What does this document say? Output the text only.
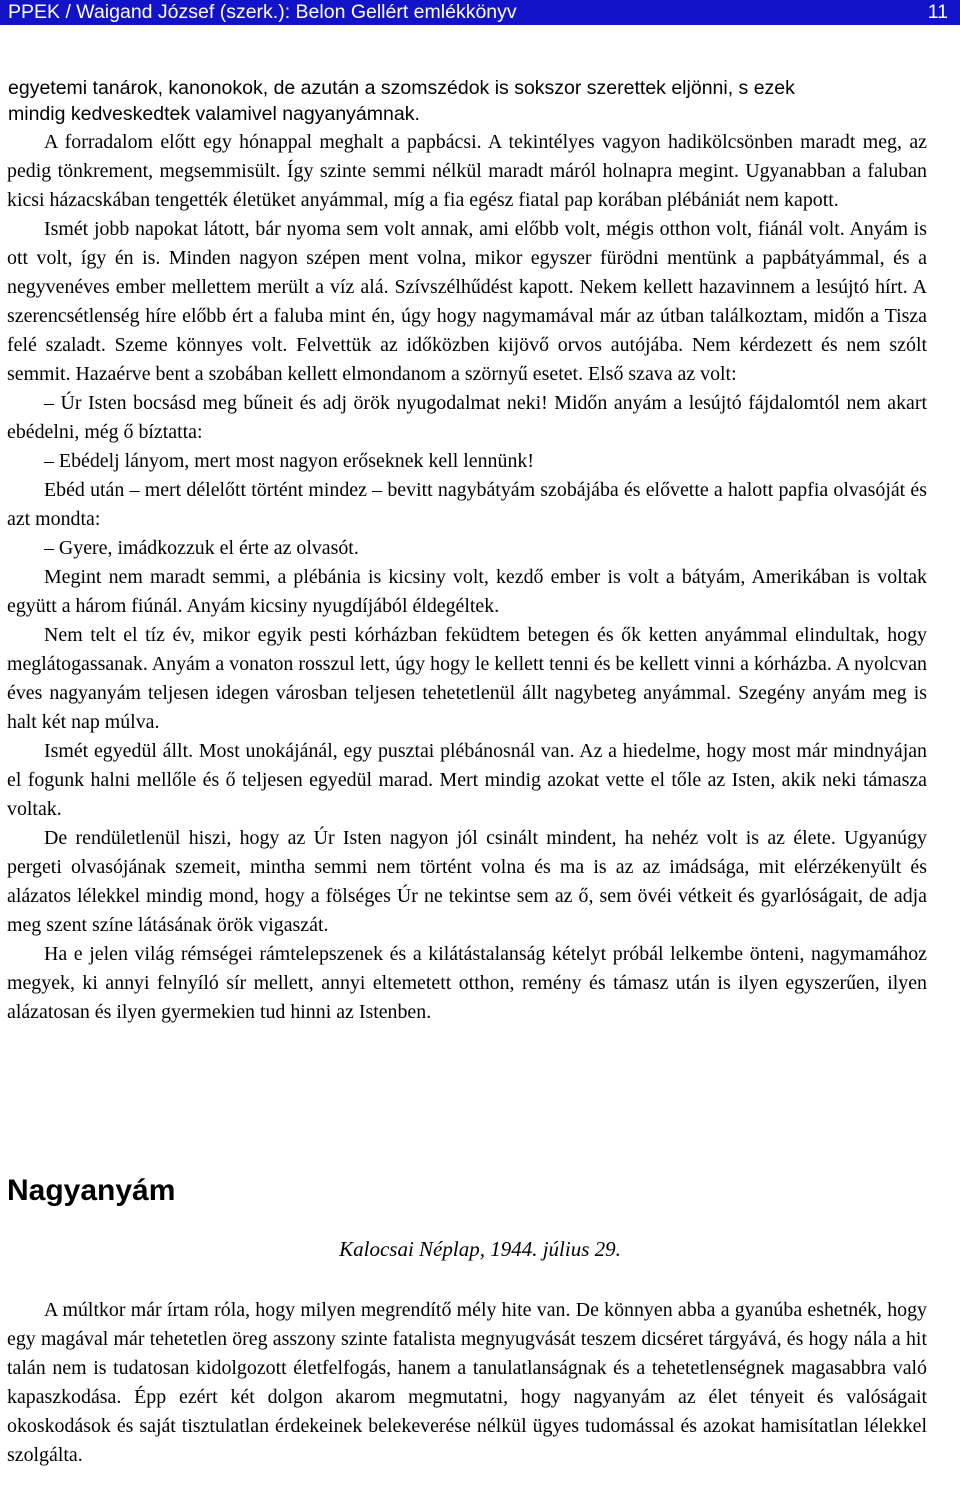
PPEK / Waigand József (szerk.): Belon Gellért emlékkönyv	11
egyetemi tanárok, kanonokok, de azután a szomszédok is sokszor szerettek eljönni, s ezek
mindig kedveskedtek valamivel nagyanyámnak.

A forradalom előtt egy hónappal meghalt a papbácsi. A tekintélyes vagyon hadikölcsönben maradt meg, az pedig tönkrement, megsemmisült. Így szinte semmi nélkül maradt máról holnapra megint. Ugyanabban a faluban kicsi házacskában tengették életüket anyámmal, míg a fia egész fiatal pap korában plébániát nem kapott.

Ismét jobb napokat látott, bár nyoma sem volt annak, ami előbb volt, mégis otthon volt, fiánál volt. Anyám is ott volt, így én is. Minden nagyon szépen ment volna, mikor egyszer fürödni mentünk a papbátyámmal, és a negyvenéves ember mellettem merült a víz alá. Szívszélhűdést kapott. Nekem kellett hazavinnem a lesújtó hírt. A szerencsétlenség híre előbb ért a faluba mint én, úgy hogy nagymamával már az útban találkoztam, midőn a Tisza felé szaladt. Szeme könnyes volt. Felvettük az időközben kijövő orvos autójába. Nem kérdezett és nem szólt semmit. Hazaérve bent a szobában kellett elmondanom a szörnyű esetet. Első szava az volt:

– Úr Isten bocsásd meg bűneit és adj örök nyugodalmat neki! Midőn anyám a lesújtó fájdalomtól nem akart ebédelni, még ő bíztatta:

– Ebédelj lányom, mert most nagyon erőseknek kell lennünk!

Ebéd után – mert délelőtt történt mindez – bevitt nagybátyám szobájába és elővette a halott papfia olvasóját és azt mondta:

– Gyere, imádkozzuk el érte az olvasót.

Megint nem maradt semmi, a plébánia is kicsiny volt, kezdő ember is volt a bátyám, Amerikában is voltak együtt a három fiúnál. Anyám kicsiny nyugdíjából éldegéltek.

Nem telt el tíz év, mikor egyik pesti kórházban feküdtem betegen és ők ketten anyámmal elindultak, hogy meglátogassanak. Anyám a vonaton rosszul lett, úgy hogy le kellett tenni és be kellett vinni a kórházba. A nyolcvan éves nagyanyám teljesen idegen városban teljesen tehetetlenül állt nagybeteg anyámmal. Szegény anyám meg is halt két nap múlva.

Ismét egyedül állt. Most unokájánál, egy pusztai plébánosnál van. Az a hiedelme, hogy most már mindnyájan el fogunk halni mellőle és ő teljesen egyedül marad. Mert mindig azokat vette el tőle az Isten, akik neki támasza voltak.

De rendületlenül hiszi, hogy az Úr Isten nagyon jól csinált mindent, ha nehéz volt is az élete. Ugyanúgy pergeti olvasójának szemeit, mintha semmi nem történt volna és ma is az az imádsága, mit elérzékenyült és alázatos lélekkel mindig mond, hogy a fölséges Úr ne tekintse sem az ő, sem övéi vétkeit és gyarlóságait, de adja meg szent színe látásának örök vigaszát.

Ha e jelen világ rémségei rámtelepszenek és a kilátástalanság kételyt próbál lelkembe önteni, nagymamához megyek, ki annyi felnyíló sír mellett, annyi eltemetett otthon, remény és támasz után is ilyen egyszerűen, ilyen alázatosan és ilyen gyermekien tud hinni az Istenben.

Nagyanyám
Kalocsai Néplap, 1944. július 29.

A múltkor már írtam róla, hogy milyen megrendítő mély hite van. De könnyen abba a gyanúba eshetnék, hogy egy magával már tehetetlen öreg asszony szinte fatalista megnyugvását teszem dicséret tárgyává, és hogy nála a hit talán nem is tudatosan kidolgozott életfelfogás, hanem a tanulatlanságnak és a tehetetlenségnek magasabbra való kapaszkodása. Épp ezért két dolgon akarom megmutatni, hogy nagyanyám az élet tényeit és valóságait okoskodások és saját tisztulatlan érdekeinek belekeverése nélkül ügyes tudomással és azokat hamisítatlan lélekkel szolgálta.
